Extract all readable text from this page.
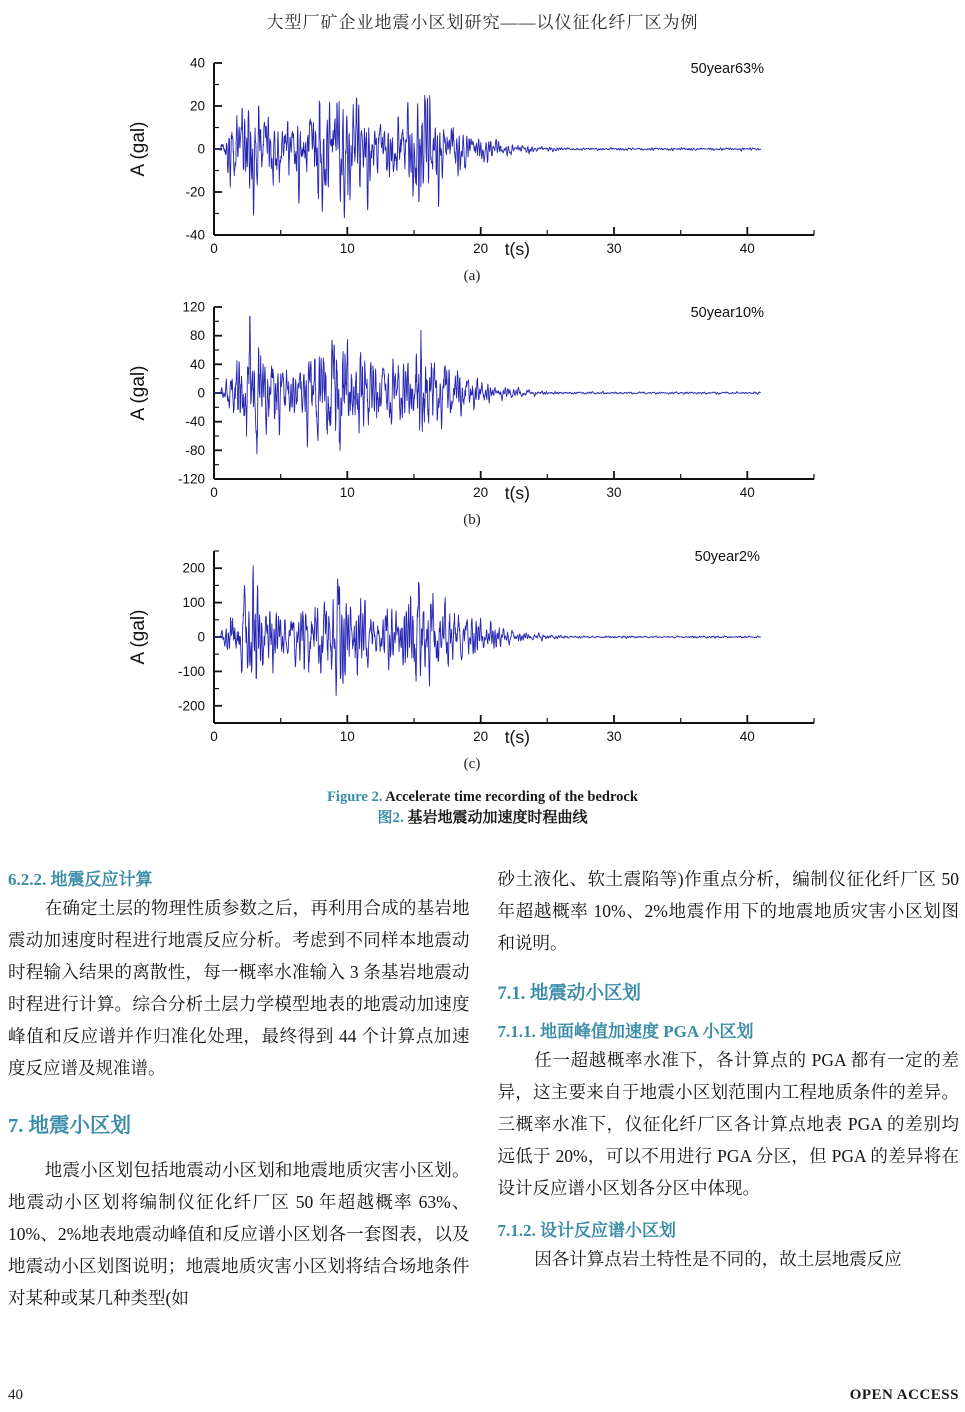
大型厂矿企业地震小区划研究——以仪征化纤厂区为例
0	10	20	30	40
-40
-20
0
20
40
A (gal)
t(s)
50year63%
(a)
0	10	20	30	40
-120
-80
-40
0
40
80
120
A (gal)
t(s)
50year10%
(b)
0	10	20	30	40
-200
-100
0
100
200
A (gal)
t(s)
50year2%
(c)
Figure 2. Accelerate time recording of the bedrock
图2. 基岩地震动加速度时程曲线
6.2.2. 地震反应计算

在确定土层的物理性质参数之后，再利用合成的基岩地震动加速度时程进行地震反应分析。考虑到不同样本地震动时程输入结果的离散性，每一概率水准输入 3 条基岩地震动时程进行计算。综合分析土层力学模型地表的地震动加速度峰值和反应谱并作归准化处理，最终得到 44 个计算点加速度反应谱及规准谱。

7. 地震小区划

地震小区划包括地震动小区划和地震地质灾害小区划。地震动小区划将编制仪征化纤厂区 50 年超越概率 63%、10%、2%地表地震动峰值和反应谱小区划各一套图表，以及地震动小区划图说明；地震地质灾害小区划将结合场地条件对某种或某几种类型(如

砂土液化、软土震陷等)作重点分析，编制仪征化纤厂区 50 年超越概率 10%、2%地震作用下的地震地质灾害小区划图和说明。

7.1. 地震动小区划
7.1.1. 地面峰值加速度 PGA 小区划

任一超越概率水准下，各计算点的 PGA 都有一定的差异，这主要来自于地震小区划范围内工程地质条件的差异。三概率水准下，仪征化纤厂区各计算点地表 PGA 的差别均远低于 20%，可以不用进行 PGA 分区，但 PGA 的差异将在设计反应谱小区划各分区中体现。

7.1.2. 设计反应谱小区划

因各计算点岩土特性是不同的，故土层地震反应

40	OPEN ACCESS
